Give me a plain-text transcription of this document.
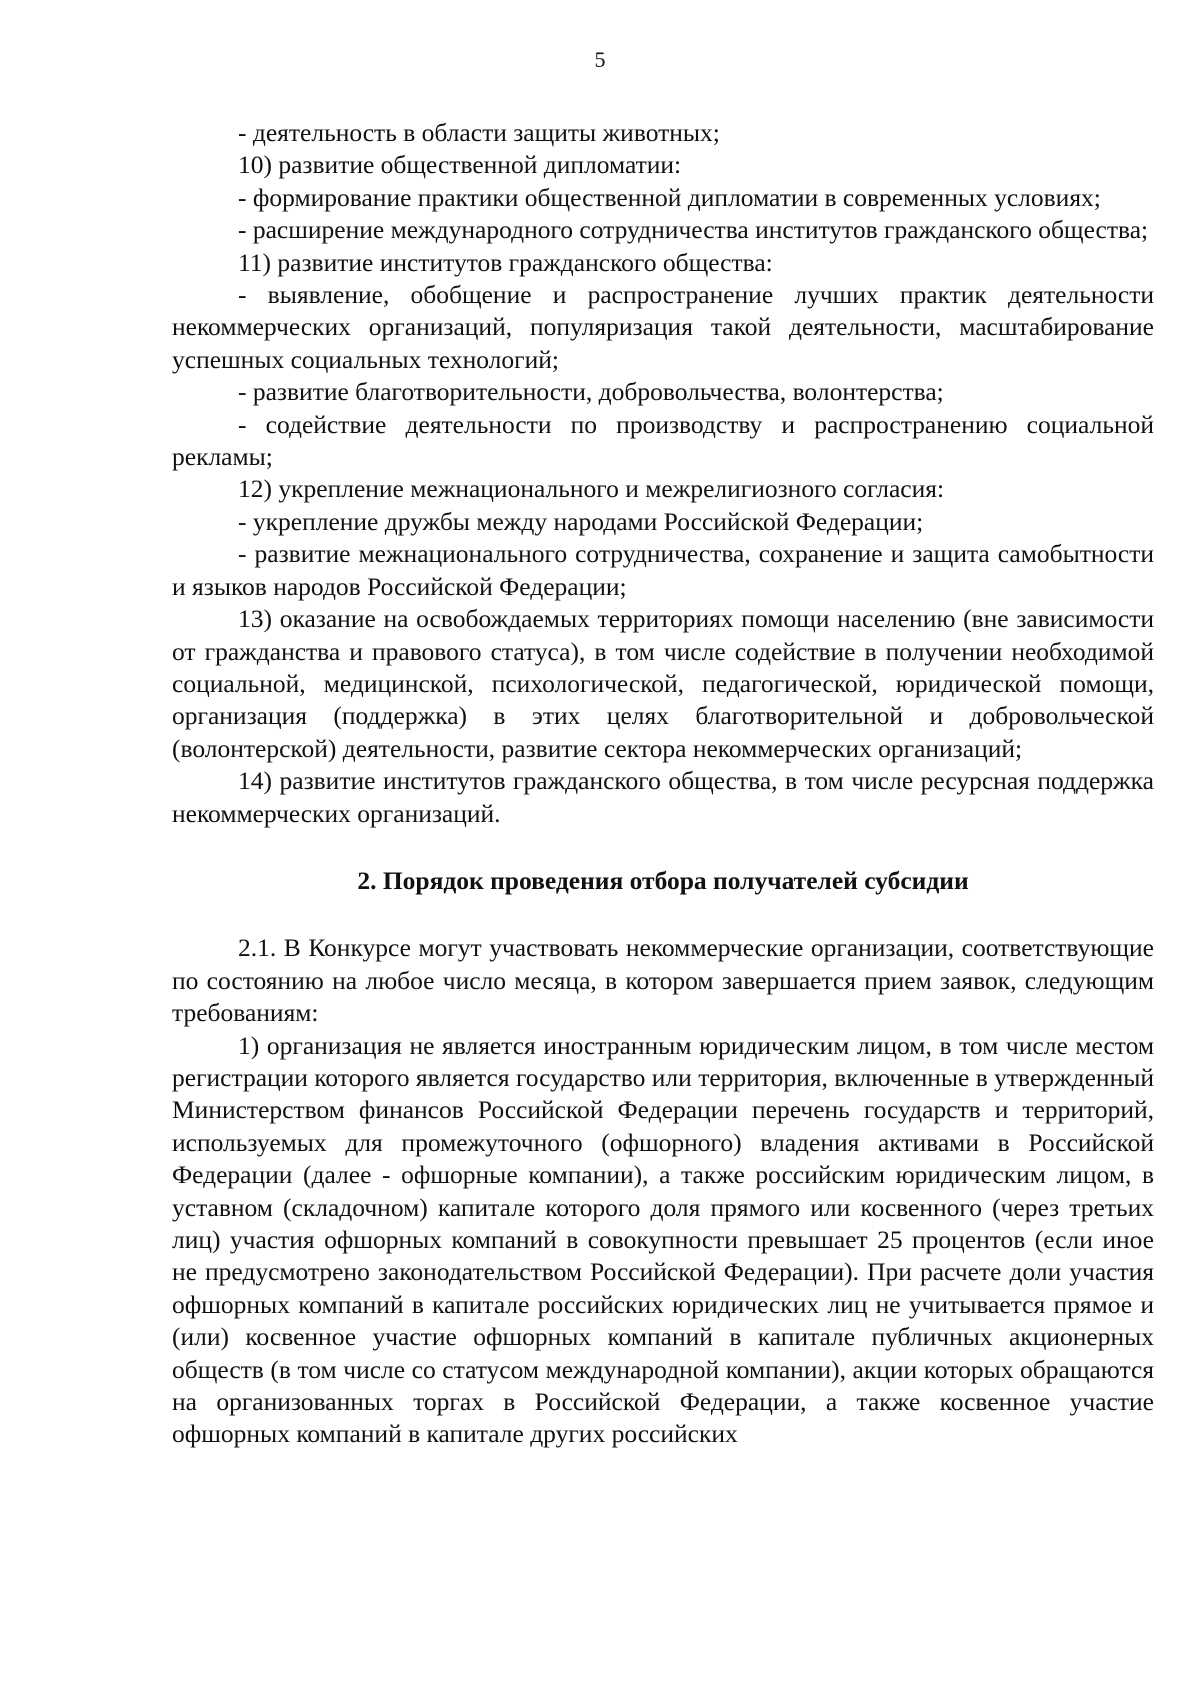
5

- деятельность в области защиты животных;

10) развитие общественной дипломатии:

- формирование практики общественной дипломатии в современных условиях;

- расширение международного сотрудничества институтов гражданского общества;

11) развитие институтов гражданского общества:

- выявление, обобщение и распространение лучших практик деятельности некоммерческих организаций, популяризация такой деятельности, масштабирование успешных социальных технологий;

- развитие благотворительности, добровольчества, волонтерства;

- содействие деятельности по производству и распространению социальной рекламы;

12) укрепление межнационального и межрелигиозного согласия:

- укрепление дружбы между народами Российской Федерации;

- развитие межнационального сотрудничества, сохранение и защита самобытности и языков народов Российской Федерации;

13) оказание на освобождаемых территориях помощи населению (вне зависимости от гражданства и правового статуса), в том числе содействие в получении необходимой социальной, медицинской, психологической, педагогической, юридической помощи, организация (поддержка) в этих целях благотворительной и добровольческой (волонтерской) деятельности, развитие сектора некоммерческих организаций;

14) развитие институтов гражданского общества, в том числе ресурсная поддержка некоммерческих организаций.

2. Порядок проведения отбора получателей субсидии

2.1. В Конкурсе могут участвовать некоммерческие организации, соответствующие по состоянию на любое число месяца, в котором завершается прием заявок, следующим требованиям:

1) организация не является иностранным юридическим лицом, в том числе местом регистрации которого является государство или территория, включенные в утвержденный Министерством финансов Российской Федерации перечень государств и территорий, используемых для промежуточного (офшорного) владения активами в Российской Федерации (далее - офшорные компании), а также российским юридическим лицом, в уставном (складочном) капитале которого доля прямого или косвенного (через третьих лиц) участия офшорных компаний в совокупности превышает 25 процентов (если иное не предусмотрено законодательством Российской Федерации). При расчете доли участия офшорных компаний в капитале российских юридических лиц не учитывается прямое и (или) косвенное участие офшорных компаний в капитале публичных акционерных обществ (в том числе со статусом международной компании), акции которых обращаются на организованных торгах в Российской Федерации, а также косвенное участие офшорных компаний в капитале других российских
